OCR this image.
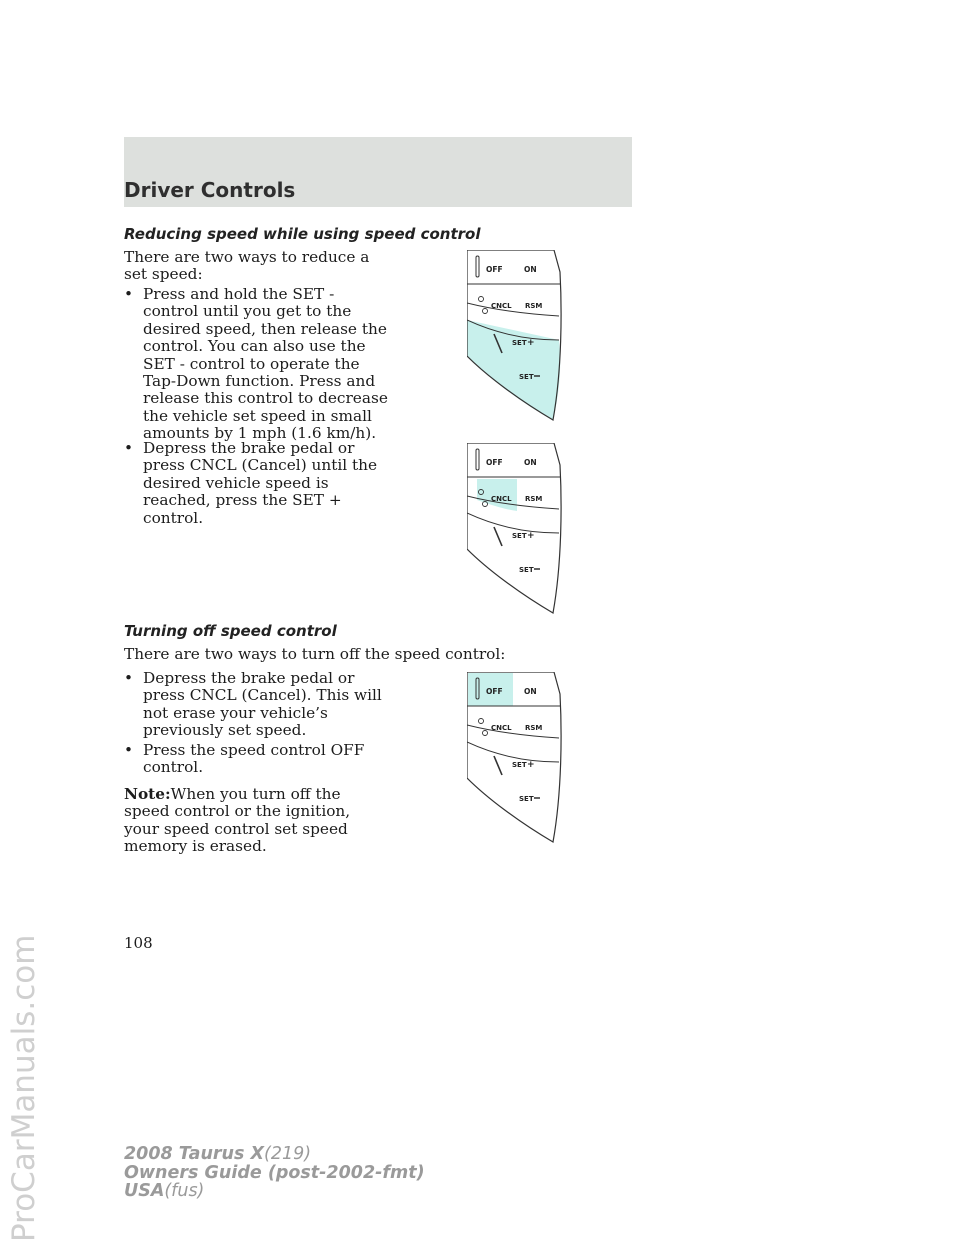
ProCarManuals.com
Driver Controls
Reducing speed while using speed control

There are two ways to reduce a set speed:

• Press and hold the SET - control until you get to the desired speed, then release the control. You can also use the SET - control to operate the Tap-Down function. Press and release this control to decrease the vehicle set speed in small amounts by 1 mph (1.6 km/h).
• Depress the brake pedal or press CNCL (Cancel) until the desired vehicle speed is reached, press the SET + control.
Turning off speed control

There are two ways to turn off the speed control:

• Depress the brake pedal or press CNCL (Cancel). This will not erase your vehicle’s previously set speed.
• Press the speed control OFF control.

Note:When you turn off the speed control or the ignition, your speed control set speed memory is erased.

OFF	ON
CNCL RSM
SET +
SET
OFF	ON
CNCL RSM
SET +
SET
OFF	ON
CNCL RSM
SET +
SET
108
2008 Taurus X(219)
Owners Guide (post-2002-fmt)
USA(fus)
